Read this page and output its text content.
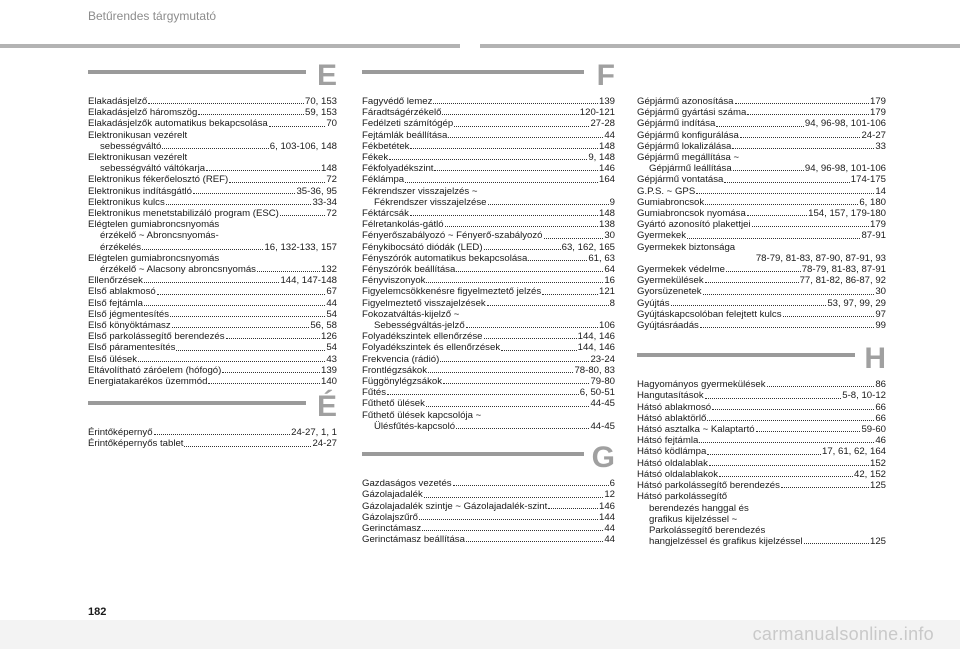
Betűrendes tárgymutató
E
Elakadásjelző	70, 153
Elakadásjelző háromszög	59, 153
Elakadásjelzők automatikus bekapcsolása	70
Elektronikusan vezérelt
sebességváltó	6, 103-106, 148
Elektronikusan vezérelt
sebességváltó váltókarja	148
Elektronikus fékerőelosztó (REF)	72
Elektronikus indításgátló	35-36, 95
Elektronikus kulcs	33-34
Elektronikus menetstabilizáló program (ESC)	72
Elégtelen gumiabroncsnyomás
érzékelő ~ Abroncsnyomás-
érzékelés	16, 132-133, 157
Elégtelen gumiabroncsnyomás
érzékelő ~ Alacsony abroncsnyomás	132
Ellenőrzések	144, 147-148
Első ablakmosó	67
Első fejtámla	44
Első jégmentesítés	54
Első könyöktámasz	56, 58
Első parkolássegítő berendezés	126
Első páramentesítés	54
Első ülések	43
Eltávolítható záróelem (hófogó)	139
Energiatakarékos üzemmód	140
É
Érintőképernyő	24-27, 1, 1
Érintőképernyős tablet	24-27
F
Fagyvédő lemez	139
Fáradtságérzékelő	120-121
Fedélzeti számítógép	27-28
Fejtámlák beállítása	44
Fékbetétek	148
Fékek	9, 148
Fékfolyadékszint	146
Féklámpa	164
Fékrendszer visszajelzés ~
Fékrendszer visszajelzése	9
Féktárcsák	148
Félretankolás-gátló	138
Fényerőszabályozó ~ Fényerő-szabályozó	30
Fénykibocsátó diódák (LED)	63, 162, 165
Fényszórók automatikus bekapcsolása	61, 63
Fényszórók beállítása	64
Fényviszonyok	16
Figyelemcsökkenésre figyelmeztető jelzés	121
Figyelmeztető visszajelzések	8
Fokozatváltás-kijelző ~
Sebességváltás-jelző	106
Folyadékszintek ellenőrzése	144, 146
Folyadékszintek és ellenőrzések	144, 146
Frekvencia (rádió)	23-24
Frontlégzsákok	78-80, 83
Függönylégzsákok	79-80
Fűtés	6, 50-51
Fűthető ülések	44-45
Fűthető ülések kapcsolója ~
Ülésfűtés-kapcsoló	44-45
G
Gazdaságos vezetés	6
Gázolajadalék	12
Gázolajadalék szintje ~ Gázolajadalék-szint	146
Gázolajszűrő	144
Gerinctámasz	44
Gerinctámasz beállítása	44
Gépjármű azonosítása	179
Gépjármű gyártási száma	179
Gépjármű indítása	94, 96-98, 101-106
Gépjármű konfigurálása	24-27
Gépjármű lokalizálása	33
Gépjármű megállítása ~
Gépjármű leállítása	94, 96-98, 101-106
Gépjármű vontatása	174-175
G.P.S. ~ GPS	14
Gumiabroncsok	6, 180
Gumiabroncsok nyomása	154, 157, 179-180
Gyártó azonosító plakettjei	179
Gyermekek	87-91
Gyermekek biztonsága
78-79, 81-83, 87-90, 87-91, 93
Gyermekek védelme	78-79, 81-83, 87-91
Gyermekülések	77, 81-82, 86-87, 92
Gyorsüzenetek	30
Gyújtás	53, 97, 99, 29
Gyújtáskapcsolóban felejtett kulcs	97
Gyújtásráadás	99
H
Hagyományos gyermekülések	86
Hangutasítások	5-8, 10-12
Hátsó ablakmosó	66
Hátsó ablaktörlő	66
Hátsó asztalka ~ Kalaptartó	59-60
Hátsó fejtámla	46
Hátsó ködlámpa	17, 61, 62, 164
Hátsó oldalablak	152
Hátsó oldalablakok	42, 152
Hátsó parkolássegítő berendezés	125
Hátsó parkolássegítő
berendezés hanggal és
grafikus kijelzéssel ~
Parkolássegítő berendezés
hangjelzéssel és grafikus kijelzéssel	125
182
carmanualsonline.info
